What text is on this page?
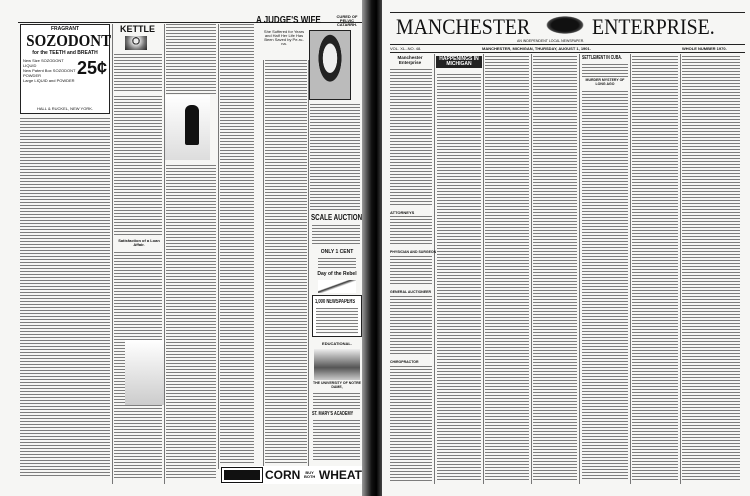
FRAGRANT
SOZODONT
for the TEETH and BREATH
New Size SOZODONT LIQUID
New Patent Box SOZODONT POWDER
Large LIQUID and POWDER
25¢
HALL & RUCKEL, NEW YORK.
KETTLE
Satisfaction of a Loan Affair.
A JUDGE'S WIFE	CURED OF PELVIC CATARRH.
She Suffered for Years and Half Her Life Has Been Saved by Pe-ru-na.
SCALE AUCTION
ONLY 1 CENT
Day of the Rebel
1,000 NEWSPAPERS
EDUCATIONAL.
THE UNIVERSITY OF NOTRE DAME,
ST. MARY'S ACADEMY
CORN	BUY BOTH WHEAT
MANCHESTER	ENTERPRISE.
AN INDEPENDENT LOCAL NEWSPAPER.
VOL. XL.-NO. 48.	MANCHESTER, MICHIGAN, THURSDAY, AUGUST 1, 1901.	WHOLE NUMBER 1970.
Manchester Enterprise
ATTORNEYS
PHYSICIAN AND SURGEON
GENERAL AUCTIONEER
CHIROPRACTOR
HAPPENINGS IN MICHIGAN
SETTLEMENT IN CUBA.
MURDER MYSTERY OF LONG AGO
